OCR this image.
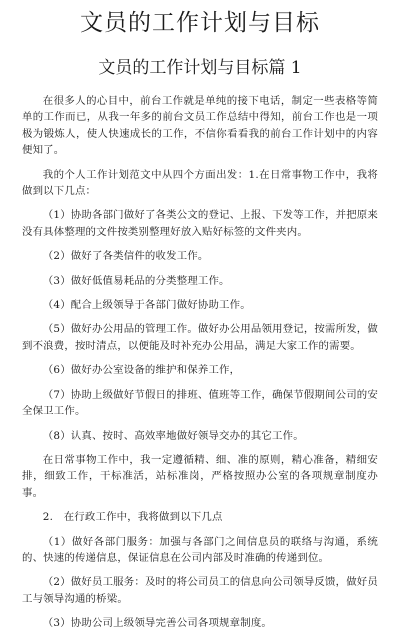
文员的工作计划与目标
文员的工作计划与目标篇 1

在很多人的心目中，前台工作就是单纯的接下电话，制定一些表格等简单的工作而已，从我一年多的前台文员工作总结中得知，前台工作也是一项极为锻炼人，使人快速成长的工作，不信你看看我的前台工作计划中的内容便知了。

我的个人工作计划范文中从四个方面出发：1.在日常事物工作中，我将做到以下几点：

（1）协助各部门做好了各类公文的登记、上报、下发等工作，并把原来没有具体整理的文件按类别整理好放入贴好标签的文件夹内。

（2）做好了各类信件的收发工作。

（3）做好低值易耗品的分类整理工作。

（4）配合上级领导于各部门做好协助工作。

（5）做好办公用品的管理工作。做好办公用品领用登记，按需所发，做到不浪费，按时清点，以便能及时补充办公用品，满足大家工作的需要。

（6）做好办公室设备的维护和保养工作，

（7）协助上级做好节假日的排班、值班等工作，确保节假期间公司的安全保卫工作。

（8）认真、按时、高效率地做好领导交办的其它工作。

在日常事物工作中，我一定遵循精、细、准的原则，精心准备，精细安排，细致工作，干标准活，站标准岗，严格按照办公室的各项规章制度办事。

2.　在行政工作中，我将做到以下几点

（1）做好各部门服务：加强与各部门之间信息员的联络与沟通，系统的、快速的传递信息，保证信息在公司内部及时准确的传递到位。

（2）做好员工服务：及时的将公司员工的信息向公司领导反馈，做好员工与领导沟通的桥梁。

（3）协助公司上级领导完善公司各项规章制度。
